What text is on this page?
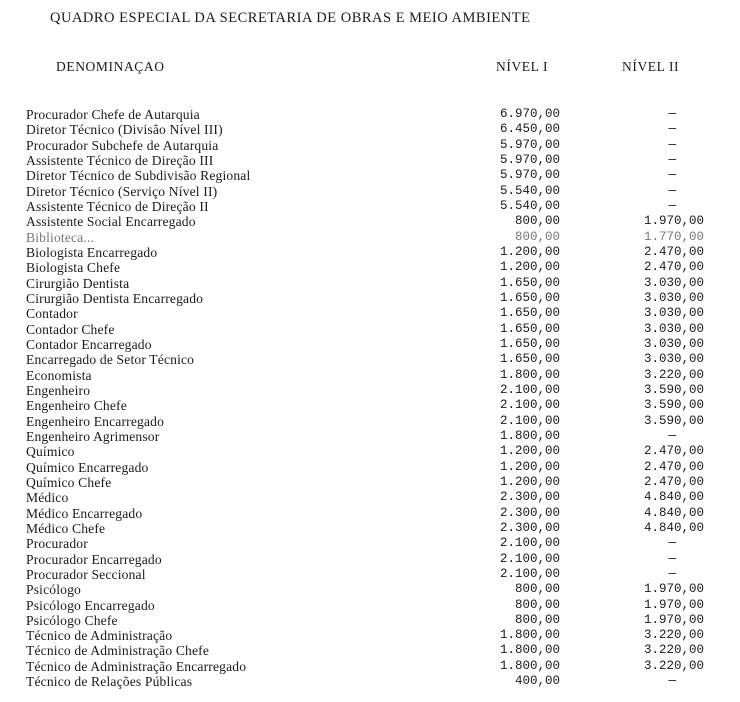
QUADRO ESPECIAL DA SECRETARIA DE OBRAS E MEIO AMBIENTE
DENOMINAÇAO	NÍVEL I	NÍVEL II
Procurador Chefe de Autarquia	6.970,00	—
Diretor Técnico (Divisão Nível III)	6.450,00	—
Procurador Subchefe de Autarquia	5.970,00	—
Assistente Técnico de Direção III	5.970,00	—
Diretor Técnico de Subdivisão Regional	5.970,00	—
Diretor Técnico (Serviço Nível II)	5.540,00	—
Assistente Técnico de Direção II	5.540,00	—
Assistente Social Encarregado	800,00	1.970,00
Biblioteca...	800,00	1.770,00
Biologista Encarregado	1.200,00	2.470,00
Biologista Chefe	1.200,00	2.470,00
Cirurgião Dentista	1.650,00	3.030,00
Cirurgião Dentista Encarregado	1.650,00	3.030,00
Contador	1.650,00	3.030,00
Contador Chefe	1.650,00	3.030,00
Contador Encarregado	1.650,00	3.030,00
Encarregado de Setor Técnico	1.650,00	3.030,00
Economista	1.800,00	3.220,00
Engenheiro	2.100,00	3.590,00
Engenheiro Chefe	2.100,00	3.590,00
Engenheiro Encarregado	2.100,00	3.590,00
Engenheiro Agrimensor	1.800,00	—
Químico	1.200,00	2.470,00
Químico Encarregado	1.200,00	2.470,00
Químico Chefe	1.200,00	2.470,00
Médico	2.300,00	4.840,00
Médico Encarregado	2.300,00	4.840,00
Médico Chefe	2.300,00	4.840,00
Procurador	2.100,00	—
Procurador Encarregado	2.100,00	—
Procurador Seccional	2.100,00	—
Psicólogo	800,00	1.970,00
Psicólogo Encarregado	800,00	1.970,00
Psicólogo Chefe	800,00	1.970,00
Técnico de Administração	1.800,00	3.220,00
Técnico de Administração Chefe	1.800,00	3.220,00
Técnico de Administração Encarregado	1.800,00	3.220,00
Técnico de Relações Públicas	400,00	—
